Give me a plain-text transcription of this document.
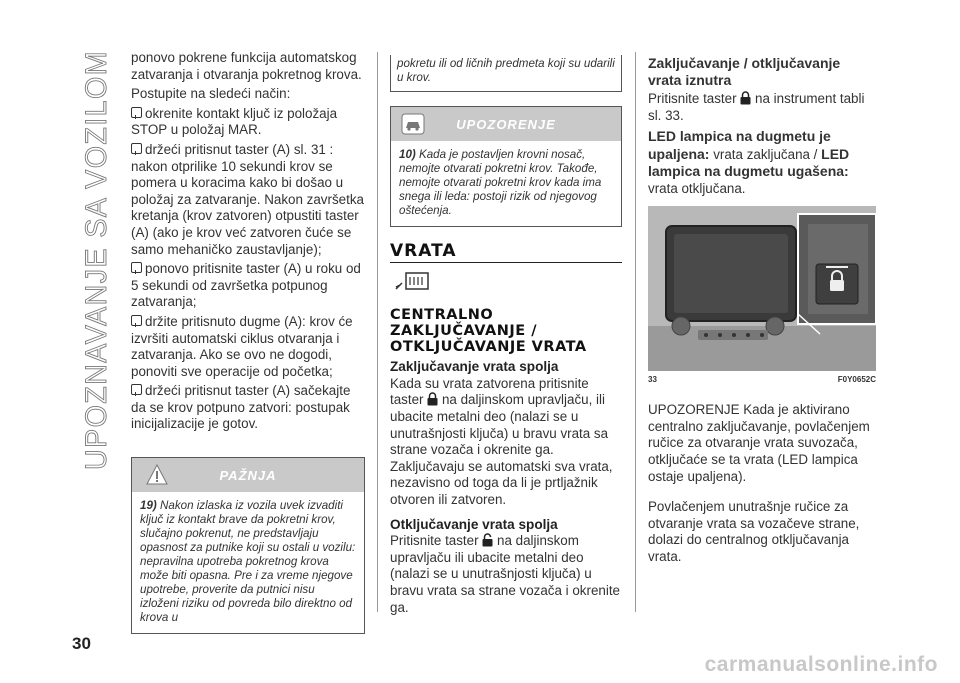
UPOZNAVANJE SA VOZILOM
30

ponovo pokrene funkcija automatskog zatvaranja i otvaranja pokretnog krova.

Postupite na sledeći način:

okrenite kontakt ključ iz položaja STOP u položaj MAR.

držeći pritisnut taster (A) sl. 31 : nakon otprilike 10 sekundi krov se pomera u koracima kako bi došao u položaj za zatvaranje. Nakon završetka kretanja (krov zatvoren) otpustiti taster (A) (ako je krov već zatvoren čuće se samo mehaničko zaustavljanje);

ponovo pritisnite taster (A) u roku od 5 sekundi od završetka potpunog zatvaranja;

držite pritisnuto dugme (A): krov će izvršiti automatski ciklus otvaranja i zatvaranja. Ako se ovo ne dogodi, ponoviti sve operacije od početka;

držeći pritisnut taster (A) sačekajte da se krov potpuno zatvori: postupak inicijalizacije je gotov.

PAŽNJA
19) Nakon izlaska iz vozila uvek izvaditi ključ iz kontakt brave da pokretni krov, slučajno pokrenut, ne predstavljaju opasnost za putnike koji su ostali u vozilu: nepravilna upotreba pokretnog krova može biti opasna. Pre i za vreme njegove upotrebe, proverite da putnici nisu izloženi riziku od povreda bilo direktno od krova u
pokretu ili od ličnih predmeta koji su udarili u krov.
UPOZORENJE
10) Kada je postavljen krovni nosač, nemojte otvarati pokretni krov. Takođe, nemojte otvarati pokretni krov kada ima snega ili leda: postoji rizik od njegovog oštećenja.
VRATA
CENTRALNO
ZAKLJUČAVANJE /
OTKLJUČAVANJE VRATA
Zaključavanje vrata spolja

Kada su vrata zatvorena pritisnite taster na daljinskom upravljaču, ili ubacite metalni deo (nalazi se u unutrašnjosti ključa) u bravu vrata sa strane vozača i okrenite ga. Zaključavaju se automatski sva vrata, nezavisno od toga da li je prtljažnik otvoren ili zatvoren.

Otključavanje vrata spolja

Pritisnite taster na daljinskom upravljaču ili ubacite metalni deo (nalazi se u unutrašnjosti ključa) u bravu vrata sa strane vozača i okrenite ga.

Zaključavanje / otključavanje vrata iznutra

Pritisnite taster na instrument tabli sl. 33.

LED lampica na dugmetu je upaljena: vrata zaključana / LED lampica na dugmetu ugašena: vrata otključana.

33	F0Y0652C

UPOZORENJE Kada je aktivirano centralno zaključavanje, povlačenjem ručice za otvaranje vrata suvozača, otključaće se ta vrata (LED lampica ostaje upaljena).

Povlačenjem unutrašnje ručice za otvaranje vrata sa vozačeve strane, dolazi do centralnog otključavanja vrata.

carmanualsonline.info
